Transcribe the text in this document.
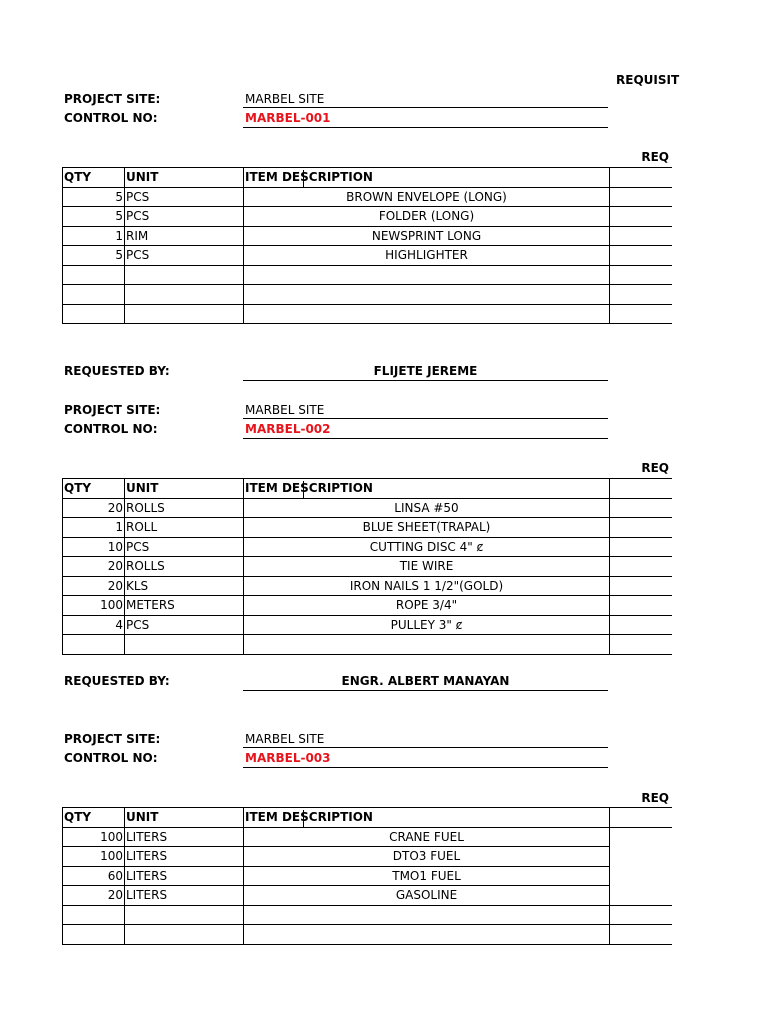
REQUISIT
PROJECT SITE:	MARBEL SITE
CONTROL NO:	MARBEL-001
REQ
QTY	UNIT	ITEM DESCRIPTION	

5	PCS	BROWN ENVELOPE (LONG)	
5	PCS	FOLDER (LONG)	
1	RIM	NEWSPRINT LONG	
5	PCS	HIGHLIGHTER	

REQUESTED BY:	FLIJETE JEREME
PROJECT SITE:	MARBEL SITE
CONTROL NO:	MARBEL-002
REQ
QTY	UNIT	ITEM DESCRIPTION	

20	ROLLS	LINSA #50	
1	ROLL	BLUE SHEET(TRAPAL)	
10	PCS	CUTTING DISC 4" ȼ	
20	ROLLS	TIE WIRE	
20	KLS	IRON NAILS 1 1/2"(GOLD)	
100	METERS	ROPE 3/4"	
4	PCS	PULLEY 3" ȼ	

REQUESTED BY:	ENGR. ALBERT MANAYAN
PROJECT SITE:	MARBEL SITE
CONTROL NO:	MARBEL-003
REQ
QTY	UNIT	ITEM DESCRIPTION	

100	LITERS	CRANE FUEL	
100	LITERS	DTO3 FUEL	
60	LITERS	TMO1 FUEL	
20	LITERS	GASOLINE	
